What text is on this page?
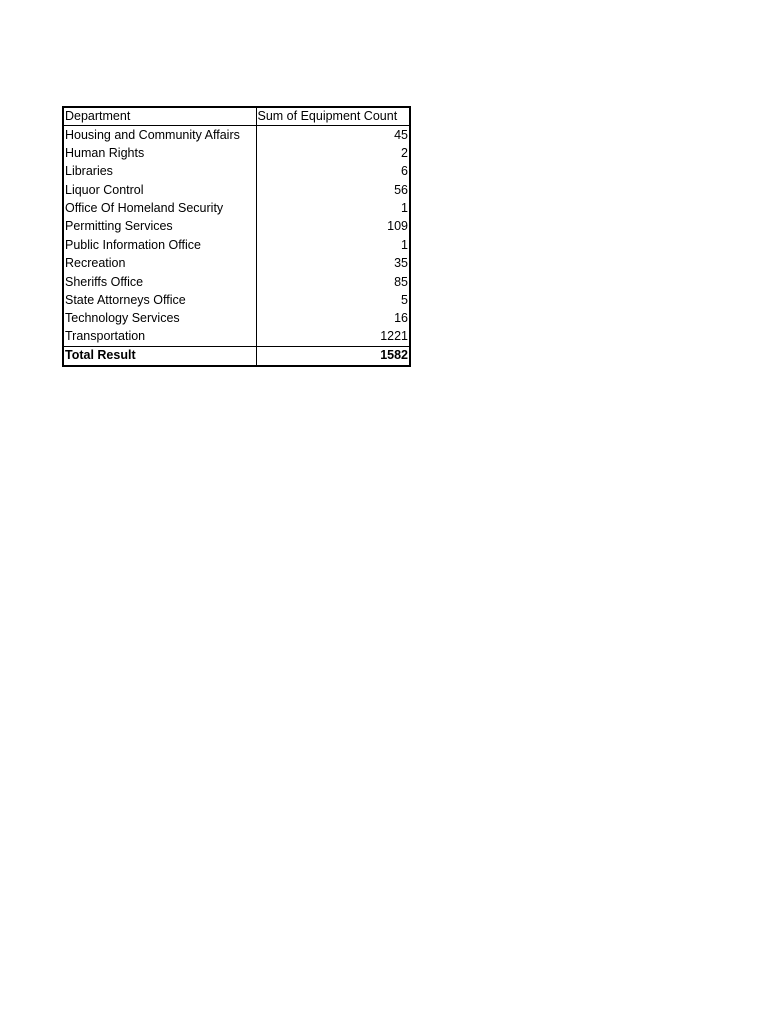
Department	Sum of Equipment Count
Housing and Community Affairs	45
Human Rights	2
Libraries	6
Liquor Control	56
Office Of Homeland Security	1
Permitting Services	109
Public Information Office	1
Recreation	35
Sheriffs Office	85
State Attorneys Office	5
Technology Services	16
Transportation	1221
Total Result	1582
